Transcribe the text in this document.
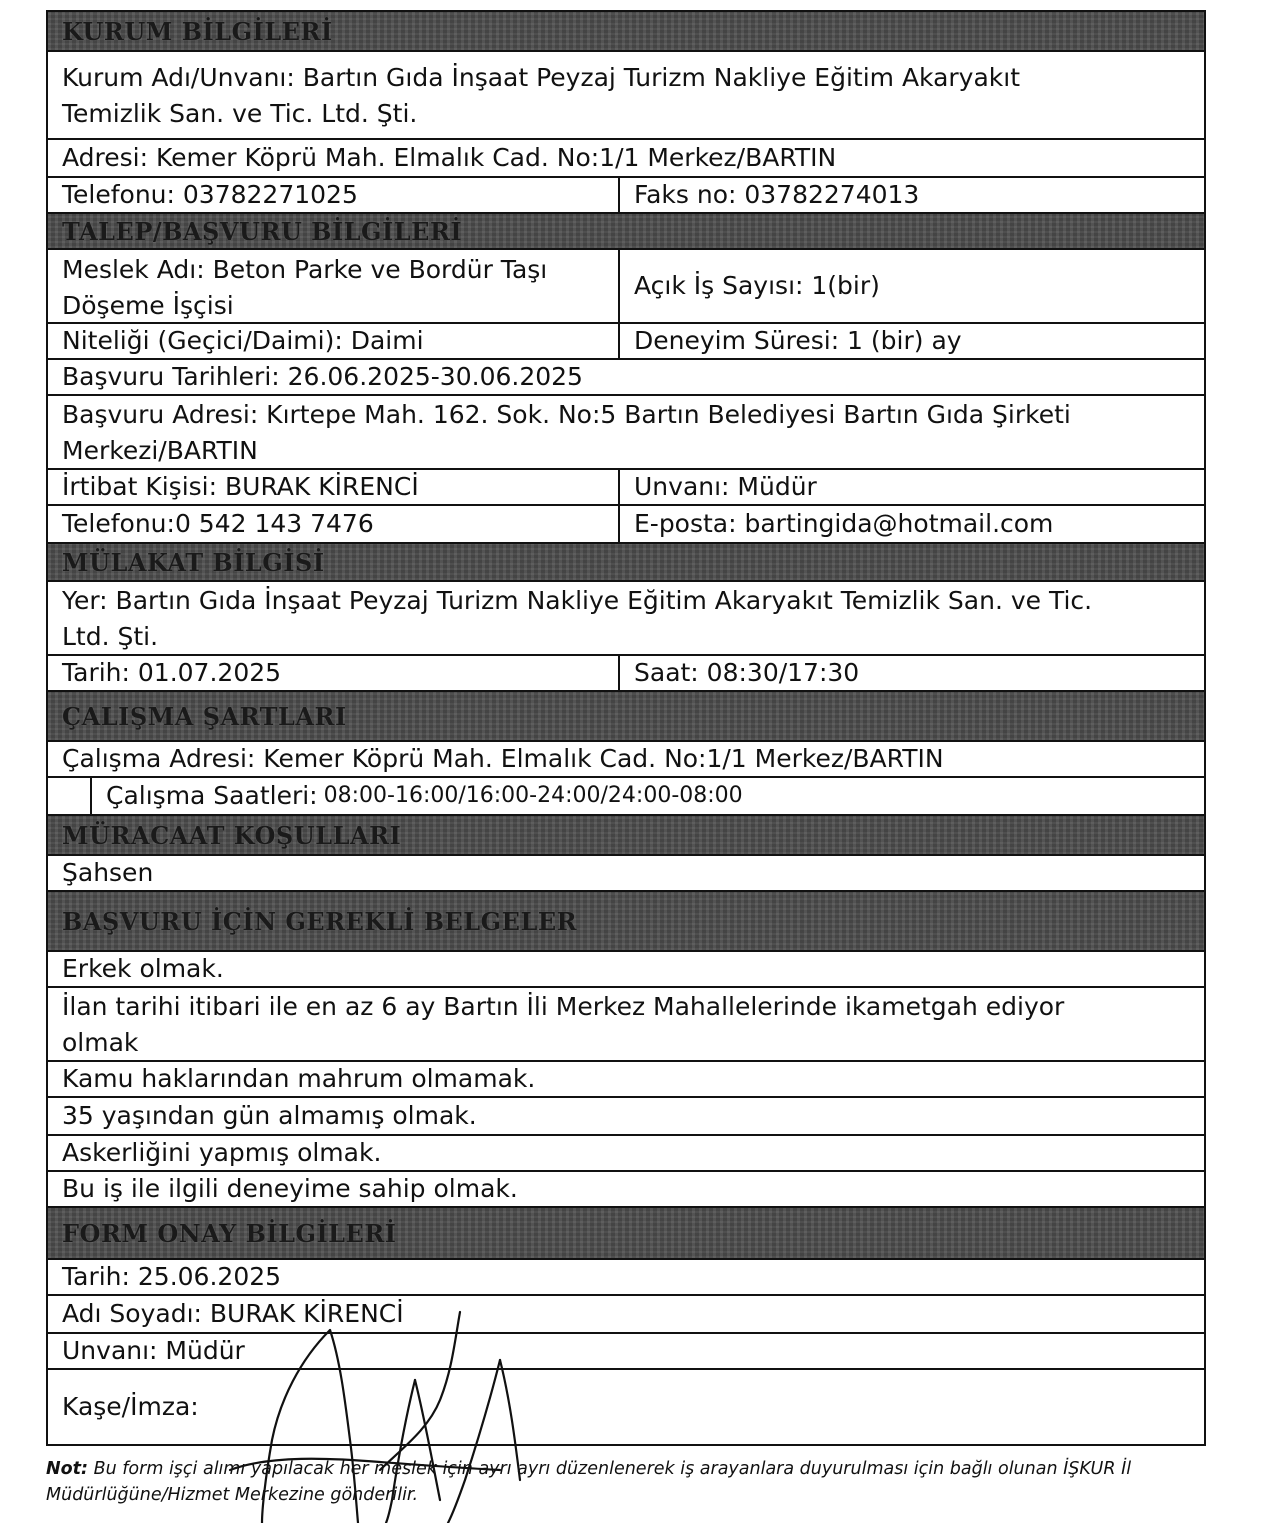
KURUM BİLGİLERİ
Kurum Adı/Unvanı: Bartın Gıda İnşaat Peyzaj Turizm Nakliye Eğitim Akaryakıt
Temizlik San. ve Tic. Ltd. Şti.
Adresi: Kemer Köprü Mah. Elmalık Cad. No:1/1 Merkez/BARTIN
Telefonu: 03782271025	Faks no: 03782274013
TALEP/BAŞVURU BİLGİLERİ
Meslek Adı: Beton Parke ve Bordür Taşı
Döşeme İşçisi
Açık İş Sayısı: 1(bir)
Niteliği (Geçici/Daimi): Daimi	Deneyim Süresi: 1 (bir) ay
Başvuru Tarihleri: 26.06.2025-30.06.2025
Başvuru Adresi: Kırtepe Mah. 162. Sok. No:5 Bartın Belediyesi Bartın Gıda Şirketi
Merkezi/BARTIN
İrtibat Kişisi: BURAK KİRENCİ	Unvanı: Müdür
Telefonu:0 542 143 7476	E-posta: bartingida@hotmail.com
MÜLAKAT BİLGİSİ
Yer: Bartın Gıda İnşaat Peyzaj Turizm Nakliye Eğitim Akaryakıt Temizlik San. ve Tic.
Ltd. Şti.
Tarih: 01.07.2025	Saat: 08:30/17:30
ÇALIŞMA ŞARTLARI
Çalışma Adresi: Kemer Köprü Mah. Elmalık Cad. No:1/1 Merkez/BARTIN
Çalışma Saatleri: 08:00-16:00/16:00-24:00/24:00-08:00
MÜRACAAT KOŞULLARI
Şahsen
BAŞVURU İÇİN GEREKLİ BELGELER
Erkek olmak.
İlan tarihi itibari ile en az 6 ay Bartın İli Merkez Mahallelerinde ikametgah ediyor
olmak
Kamu haklarından mahrum olmamak.
35 yaşından gün almamış olmak.
Askerliğini yapmış olmak.
Bu iş ile ilgili deneyime sahip olmak.
FORM ONAY BİLGİLERİ
Tarih: 25.06.2025
Adı Soyadı: BURAK KİRENCİ
Unvanı: Müdür
Kaşe/İmza:
Not: Bu form işçi alımı yapılacak her meslek için ayrı ayrı düzenlenerek iş arayanlara duyurulması için bağlı olunan İŞKUR İl Müdürlüğüne/Hizmet Merkezine gönderilir.
